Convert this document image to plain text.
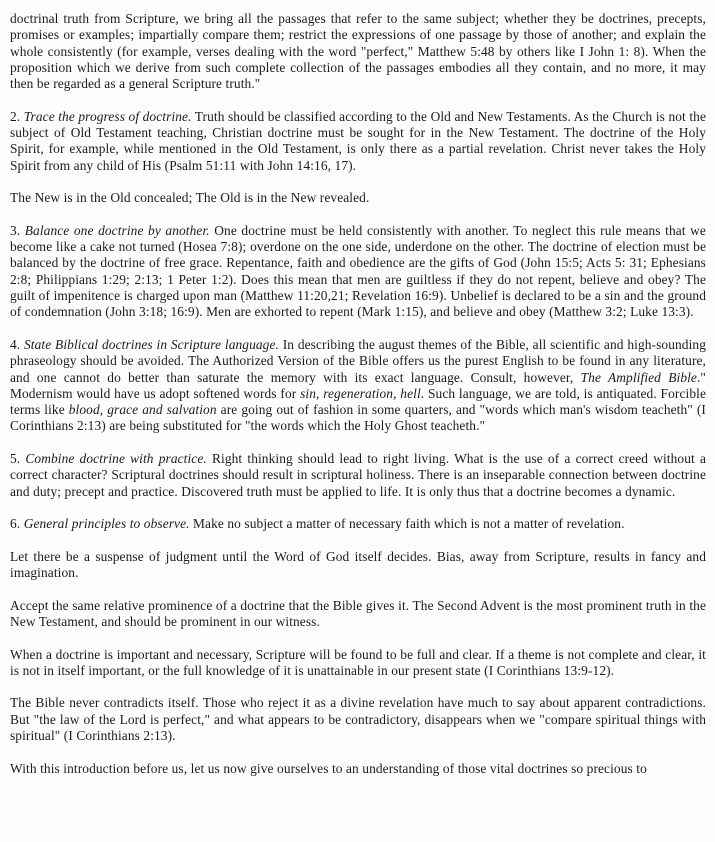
doctrinal truth from Scripture, we bring all the passages that refer to the same subject; whether they be doctrines, precepts, promises or examples; impartially compare them; restrict the expressions of one passage by those of another; and explain the whole consistently (for example, verses dealing with the word "perfect," Matthew 5:48 by others like I John 1: 8). When the proposition which we derive from such complete collection of the passages embodies all they contain, and no more, it may then be regarded as a general Scripture truth."

2. Trace the progress of doctrine. Truth should be classified according to the Old and New Testaments. As the Church is not the subject of Old Testament teaching, Christian doctrine must be sought for in the New Testament. The doctrine of the Holy Spirit, for example, while mentioned in the Old Testament, is only there as a partial revelation. Christ never takes the Holy Spirit from any child of His (Psalm 51:11 with John 14:16, 17).

The New is in the Old concealed; The Old is in the New revealed.

3. Balance one doctrine by another. One doctrine must be held consistently with another. To neglect this rule means that we become like a cake not turned (Hosea 7:8); overdone on the one side, underdone on the other. The doctrine of election must be balanced by the doctrine of free grace. Repentance, faith and obedience are the gifts of God (John 15:5; Acts 5: 31; Ephesians 2:8; Philippians 1:29; 2:13; 1 Peter 1:2). Does this mean that men are guiltless if they do not repent, believe and obey? The guilt of impenitence is charged upon man (Matthew 11:20,21; Revelation 16:9). Unbelief is declared to be a sin and the ground of condemnation (John 3:18; 16:9). Men are exhorted to repent (Mark 1:15), and believe and obey (Matthew 3:2; Luke 13:3).

4. State Biblical doctrines in Scripture language. In describing the august themes of the Bible, all scientific and high-sounding phraseology should be avoided. The Authorized Version of the Bible offers us the purest English to be found in any literature, and one cannot do better than saturate the memory with its exact language. Consult, however, The Amplified Bible." Modernism would have us adopt softened words for sin, regeneration, hell. Such language, we are told, is antiquated. Forcible terms like blood, grace and salvation are going out of fashion in some quarters, and "words which man's wisdom teacheth" (I Corinthians 2:13) are being substituted for "the words which the Holy Ghost teacheth."

5. Combine doctrine with practice. Right thinking should lead to right living. What is the use of a correct creed without a correct character? Scriptural doctrines should result in scriptural holiness. There is an inseparable connection between doctrine and duty; precept and practice. Discovered truth must be applied to life. It is only thus that a doctrine becomes a dynamic.

6. General principles to observe. Make no subject a matter of necessary faith which is not a matter of revelation.

Let there be a suspense of judgment until the Word of God itself decides. Bias, away from Scripture, results in fancy and imagination.

Accept the same relative prominence of a doctrine that the Bible gives it. The Second Advent is the most prominent truth in the New Testament, and should be prominent in our witness.

When a doctrine is important and necessary, Scripture will be found to be full and clear. If a theme is not complete and clear, it is not in itself important, or the full knowledge of it is unattainable in our present state (I Corinthians 13:9-12).

The Bible never contradicts itself. Those who reject it as a divine revelation have much to say about apparent contradictions. But "the law of the Lord is perfect," and what appears to be contradictory, disappears when we "compare spiritual things with spiritual" (I Corinthians 2:13).

With this introduction before us, let us now give ourselves to an understanding of those vital doctrines so precious to
